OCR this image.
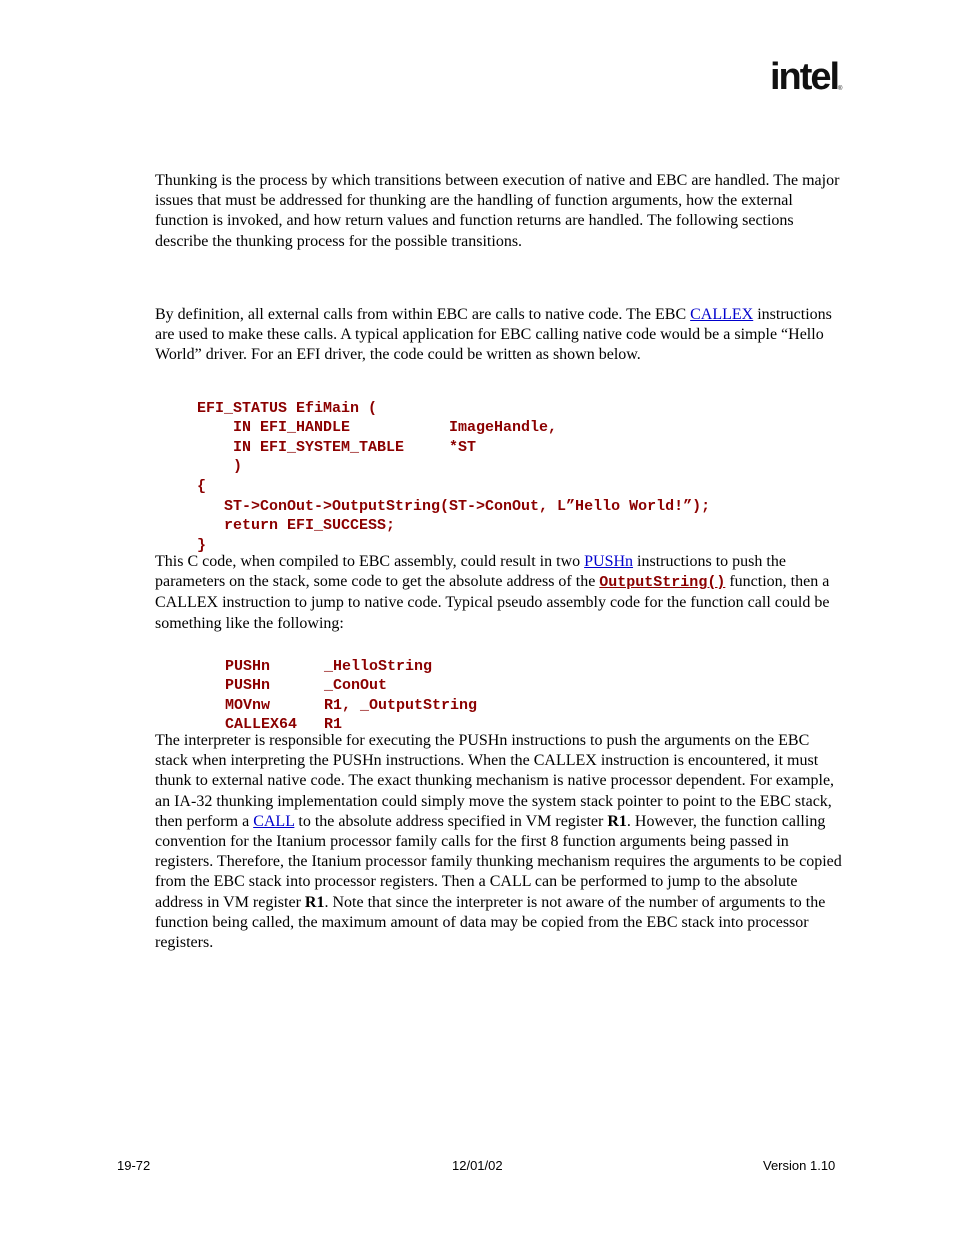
intel ®

Thunking is the process by which transitions between execution of native and EBC are handled. The major issues that must be addressed for thunking are the handling of function arguments, how the external function is invoked, and how return values and function returns are handled. The following sections describe the thunking process for the possible transitions.

By definition, all external calls from within EBC are calls to native code. The EBC CALLEX instructions are used to make these calls. A typical application for EBC calling native code would be a simple “Hello World” driver. For an EFI driver, the code could be written as shown below.

EFI_STATUS EfiMain (
IN EFI_HANDLE           ImageHandle,
IN EFI_SYSTEM_TABLE     *ST
)
{
ST->ConOut->OutputString(ST->ConOut, L”Hello World!”);
return EFI_SUCCESS;
}

This C code, when compiled to EBC assembly, could result in two PUSHn instructions to push the parameters on the stack, some code to get the absolute address of the OutputString() function, then a CALLEX instruction to jump to native code. Typical pseudo assembly code for the function call could be something like the following:

PUSHn      _HelloString
PUSHn      _ConOut
MOVnw      R1, _OutputString
CALLEX64   R1

The interpreter is responsible for executing the PUSHn instructions to push the arguments on the EBC stack when interpreting the PUSHn instructions. When the CALLEX instruction is encountered, it must thunk to external native code. The exact thunking mechanism is native processor dependent. For example, an IA-32 thunking implementation could simply move the system stack pointer to point to the EBC stack, then perform a CALL to the absolute address specified in VM register R1. However, the function calling convention for the Itanium processor family calls for the first 8 function arguments being passed in registers. Therefore, the Itanium processor family thunking mechanism requires the arguments to be copied from the EBC stack into processor registers. Then a CALL can be performed to jump to the absolute address in VM register R1. Note that since the interpreter is not aware of the number of arguments to the function being called, the maximum amount of data may be copied from the EBC stack into processor registers.

19-72	12/01/02	Version 1.10
